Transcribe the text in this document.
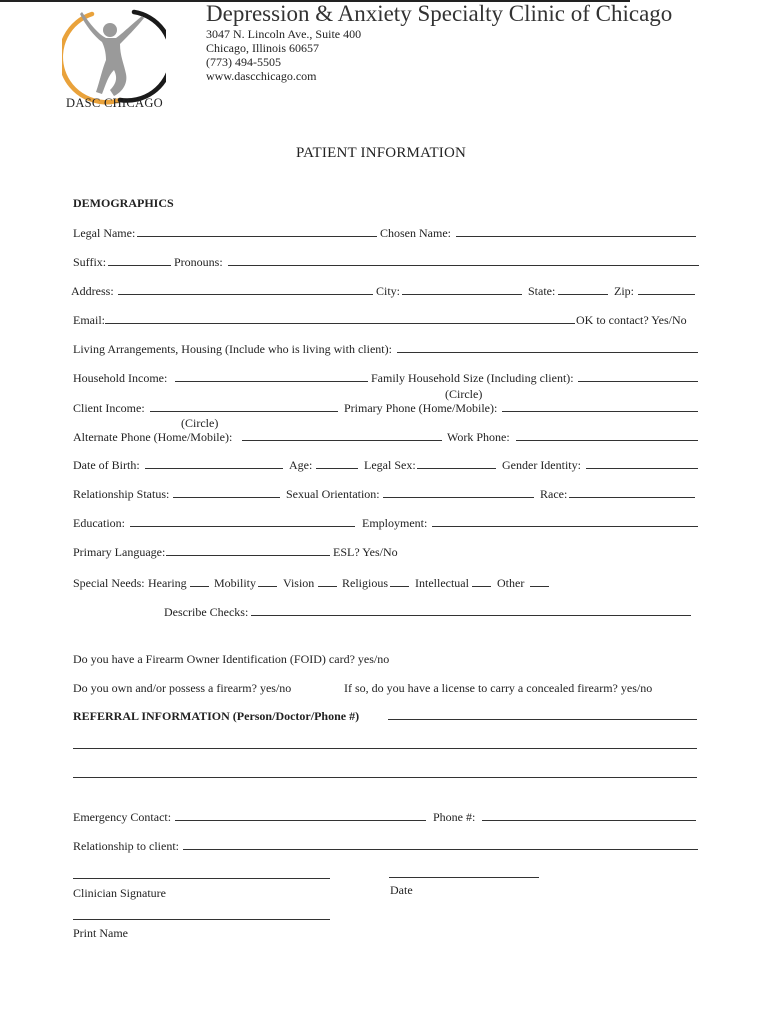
DASC CHICAGO
Depression & Anxiety Specialty Clinic of Chicago
3047 N. Lincoln Ave., Suite 400
Chicago, Illinois 60657
(773) 494-5505
www.dascchicago.com
PATIENT INFORMATION
DEMOGRAPHICS
Legal Name:	Chosen Name:
Suffix:	Pronouns:
Address:	City:	State:	Zip:
Email:	OK to contact? Yes/No
Living Arrangements, Housing (Include who is living with client):
Household Income:	Family Household Size (Including client):
(Circle)
Client Income:	Primary Phone (Home/Mobile):
(Circle)
Alternate Phone (Home/Mobile):	Work Phone:
Date of Birth:	Age:	Legal Sex:	Gender Identity:
Relationship Status:	Sexual Orientation:	Race:
Education:	Employment:
Primary Language:	ESL? Yes/No
Special Needs: Hearing Mobility Vision Religious Intellectual Other
Describe Checks:
Do you have a Firearm Owner Identification (FOID) card? yes/no
Do you own and/or possess a firearm? yes/no	If so, do you have a license to carry a concealed firearm? yes/no
REFERRAL INFORMATION (Person/Doctor/Phone #)
Emergency Contact:	Phone #:
Relationship to client:
Clinician Signature	Date
Print Name
